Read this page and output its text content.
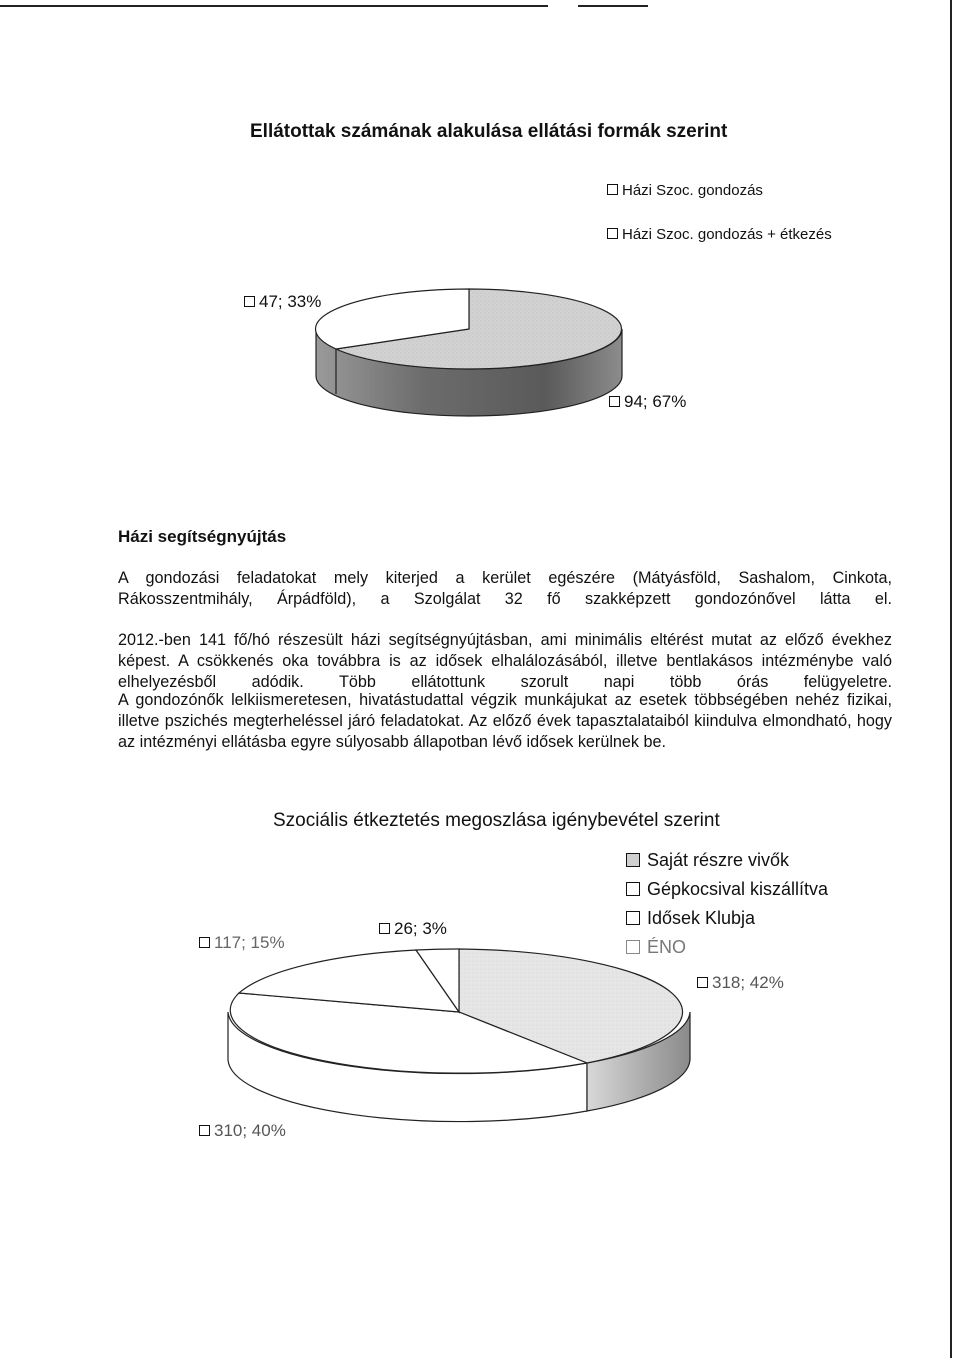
Ellátottak számának alakulása ellátási formák szerint
Házi Szoc. gondozás
Házi Szoc. gondozás + étkezés
47; 33%
94; 67%
Házi segítségnyújtás
A gondozási feladatokat mely kiterjed a kerület egészére (Mátyásföld, Sashalom, Cinkota, Rákosszentmihály, Árpádföld), a Szolgálat 32 fő szakképzett gondozónővel látta el.
2012.-ben 141 fő/hó részesült házi segítségnyújtásban, ami minimális eltérést mutat az előző évekhez képest. A csökkenés oka továbbra is az idősek elhalálozásából, illetve bentlakásos intézménybe való elhelyezésből adódik. Több ellátottunk szorult napi több órás felügyeletre.
A gondozónők lelkiismeretesen, hivatástudattal végzik munkájukat az esetek többségében nehéz fizikai, illetve pszichés megterheléssel járó feladatokat. Az előző évek tapasztalataiból kiindulva elmondható, hogy az intézményi ellátásba egyre súlyosabb állapotban lévő idősek kerülnek be.
Szociális étkeztetés megoszlása igénybevétel szerint
Saját részre vivők
Gépkocsival kiszállítva
Idősek Klubja
ÉNO
117; 15%
26; 3%
318; 42%
310; 40%
